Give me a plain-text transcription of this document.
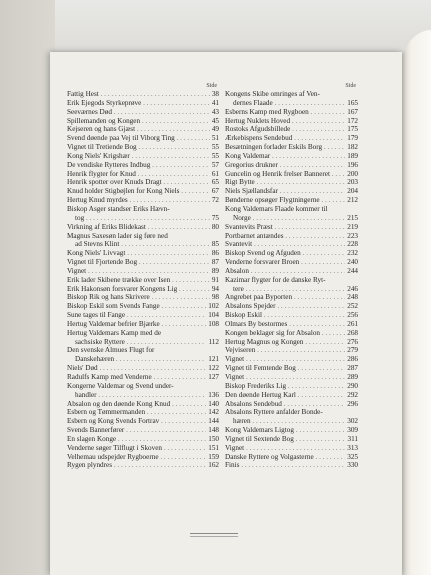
Side
Fattig Hest . . .	38
Erik Ejegods Styrkeprøve . . .	41
Seeværnes Død . . .	43
Spillemanden og Kongen . . .	45
Kejseren og hans Gjæst . . .	49
Svend døende paa Vej til Viborg Ting . . .	51
Vignet til Tretiende Bog . . .	55
Kong Niels' Krigshær . . .	55
De vendiske Rytteres Indbug . . .	57
Henrik flygter for Knud . . .	61
Henrik spotter over Knuds Dragt . . .	65
Knud holder Stigbøjlen for Kong Niels . . .	67
Hertug Knud myrdes . . .	72
Biskop Asger standser Eriks Hævn-
tog . . .	75
Virkning af Eriks Blidekast . . .	80
Magnus Saxesøn lader sig føre ned
ad Stevns Klint . . .	85
Kong Niels' Livvagt . . .	86
Vignet til Fjortende Bog . . .	87
Vignet . . .	89
Erik lader Skibene trække over Isen . . .	91
Erik Hakonsøn forsvarer Kongens Lig . . .	94
Biskop Rik og hans Skrivere . . .	98
Biskop Eskil som Svends Fange . . .	102
Sune tages til Fange . . .	104
Hertug Valdemar befrier Bjærke . . .	108
Hertug Valdemars Kamp med de
sachsiske Ryttere . . .	112
Den svenske Almues Flugt for
Danskehæren . . .	121
Niels' Død . . .	122
Radulfs Kamp med Venderne . . .	127
Kongerne Valdemar og Svend under-
handler . . .	136
Absalon og den døende Kong Knud . . .	140
Esbern og Tømmermanden . . .	142
Esbern og Kong Svends Fortrav . . .	144
Svends Bannerfører . . .	148
En slagen Konge . . .	150
Venderne søger Tilflugt i Skoven . . .	151
Velhemau udspejder Rygboerne . . .	159
Rygen plyndres . . .	162
Side
Kongens Skibe omringes af Ven-
dernes Flaade . . .	165
Esberns Kamp med Rygboen . . .	167
Hertug Nuklets Hoved . . .	172
Rostoks Afgudsbillede . . .	175
Ærkebispens Sendebud . . .	179
Besætningen forlader Eskils Borg . . .	182
Kong Valdemar . . .	189
Gregorius drukner . . .	196
Guncelin og Henrik frelser Banneret . . .	200
Rigt Bytte . . .	203
Niels Sjællandsfar . . .	204
Bønderne opsøger Flygtningerne . . .	212
Kong Valdemars Flaade kommer til
Norge . . .	215
Svantevits Præst . . .	219
Portbarnet antændes . . .	223
Svantevit . . .	228
Biskop Svend og Afguden . . .	232
Venderne forsvarer Broen . . .	240
Absalon . . .	244
Kazimar flygter for de danske Ryt-
tere . . .	246
Angrebet paa Byporten . . .	248
Absalons Spejder . . .	252
Biskop Eskil . . .	256
Olmars By bestormes . . .	261
Kongen beklager sig for Absalon . . .	268
Hertug Magnus og Kongen . . .	276
Vejviseren . . .	279
Vignet . . .	286
Vignet til Femtende Bog . . .	287
Vignet . . .	289
Biskop Frederiks Lig . . .	290
Den døende Hertug Karl . . .	292
Absalons Sendebud . . .	296
Absalons Ryttere anfalder Bonde-
hæren . . .	302
Kong Valdemars Ligtog . . .	309
Vignet til Sextende Bog . . .	311
Vignet . . .	313
Danske Ryttere og Volgasterne . . .	325
Finis . . .	330
